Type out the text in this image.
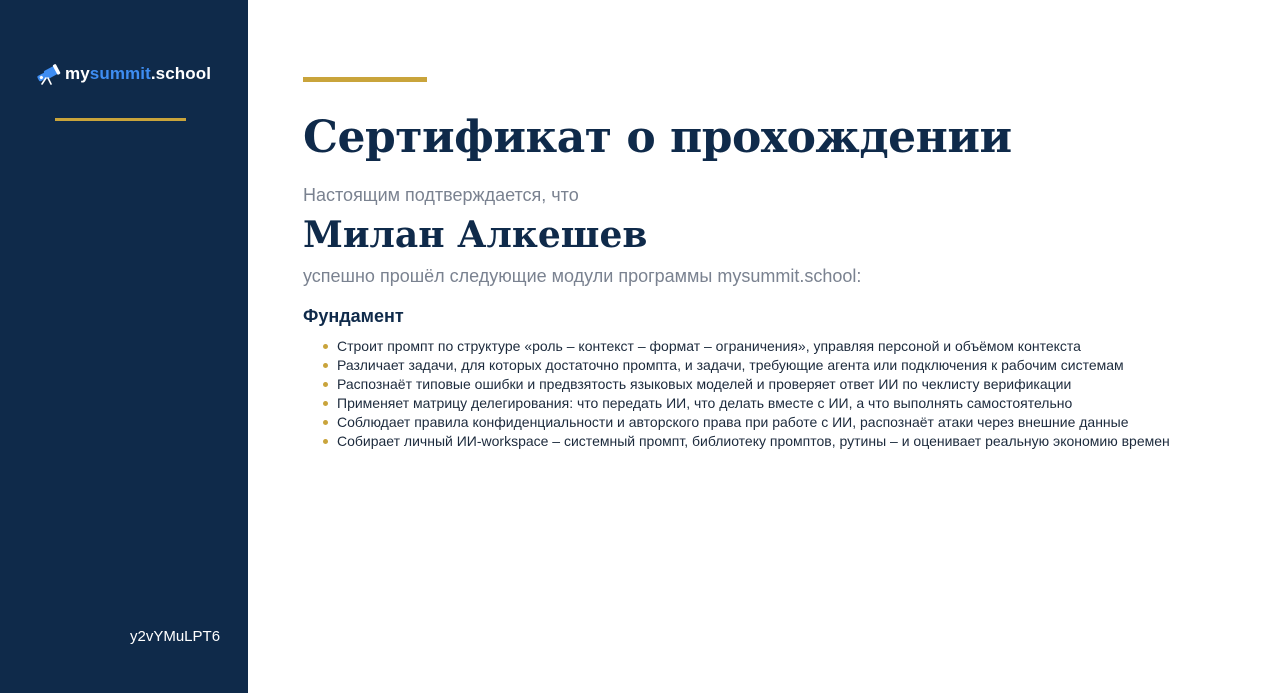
mysummit.school
y2vYMuLPT6
Сертификат о прохождении
Настоящим подтверждается, что
Милан Алкешев
успешно прошёл следующие модули программы mysummit.school:
Фундамент
Строит промпт по структуре «роль – контекст – формат – ограничения», управляя персоной и объёмом контекста
Различает задачи, для которых достаточно промпта, и задачи, требующие агента или подключения к рабочим системам
Распознаёт типовые ошибки и предвзятость языковых моделей и проверяет ответ ИИ по чеклисту верификации
Применяет матрицу делегирования: что передать ИИ, что делать вместе с ИИ, а что выполнять самостоятельно
Соблюдает правила конфиденциальности и авторского права при работе с ИИ, распознаёт атаки через внешние данные
Собирает личный ИИ-workspace – системный промпт, библиотеку промптов, рутины – и оценивает реальную экономию времен
